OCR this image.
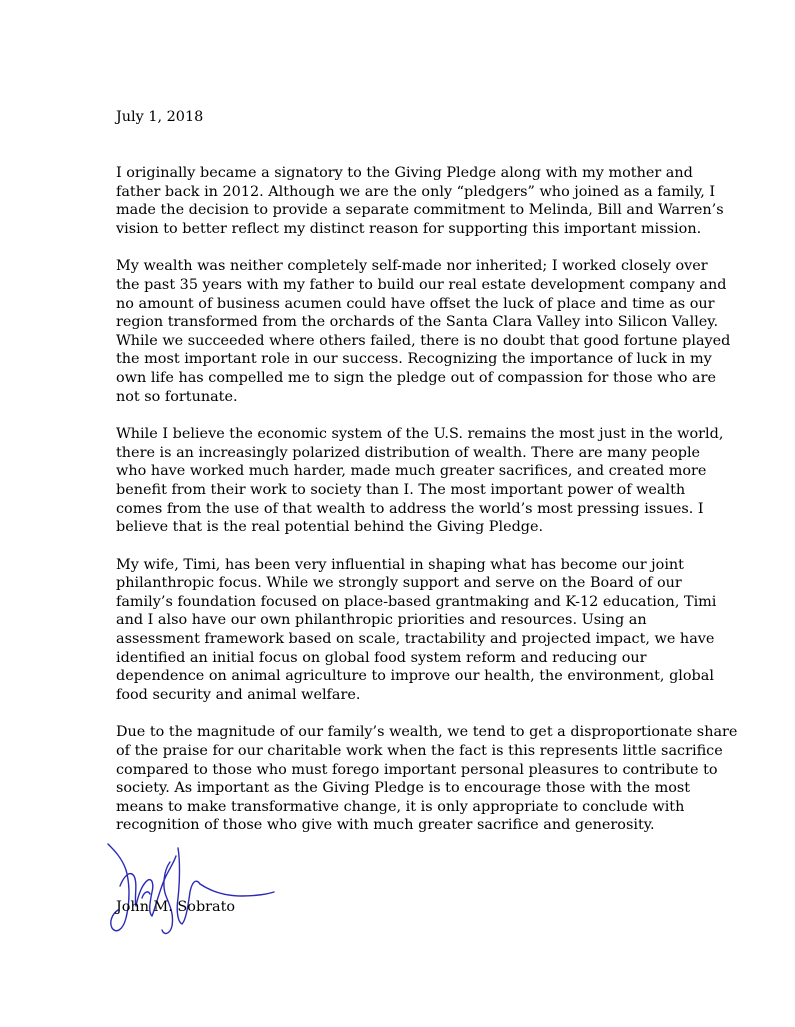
July 1, 2018

I originally became a signatory to the Giving Pledge along with my mother and
father back in 2012. Although we are the only “pledgers” who joined as a family, I
made the decision to provide a separate commitment to Melinda, Bill and Warren’s
vision to better reflect my distinct reason for supporting this important mission.

My wealth was neither completely self-made nor inherited; I worked closely over
the past 35 years with my father to build our real estate development company and
no amount of business acumen could have offset the luck of place and time as our
region transformed from the orchards of the Santa Clara Valley into Silicon Valley.
While we succeeded where others failed, there is no doubt that good fortune played
the most important role in our success. Recognizing the importance of luck in my
own life has compelled me to sign the pledge out of compassion for those who are
not so fortunate.

While I believe the economic system of the U.S. remains the most just in the world,
there is an increasingly polarized distribution of wealth. There are many people
who have worked much harder, made much greater sacrifices, and created more
benefit from their work to society than I. The most important power of wealth
comes from the use of that wealth to address the world’s most pressing issues. I
believe that is the real potential behind the Giving Pledge.

My wife, Timi, has been very influential in shaping what has become our joint
philanthropic focus. While we strongly support and serve on the Board of our
family’s foundation focused on place-based grantmaking and K-12 education, Timi
and I also have our own philanthropic priorities and resources. Using an
assessment framework based on scale, tractability and projected impact, we have
identified an initial focus on global food system reform and reducing our
dependence on animal agriculture to improve our health, the environment, global
food security and animal welfare.

Due to the magnitude of our family’s wealth, we tend to get a disproportionate share
of the praise for our charitable work when the fact is this represents little sacrifice
compared to those who must forego important personal pleasures to contribute to
society. As important as the Giving Pledge is to encourage those with the most
means to make transformative change, it is only appropriate to conclude with
recognition of those who give with much greater sacrifice and generosity.

John M. Sobrato
